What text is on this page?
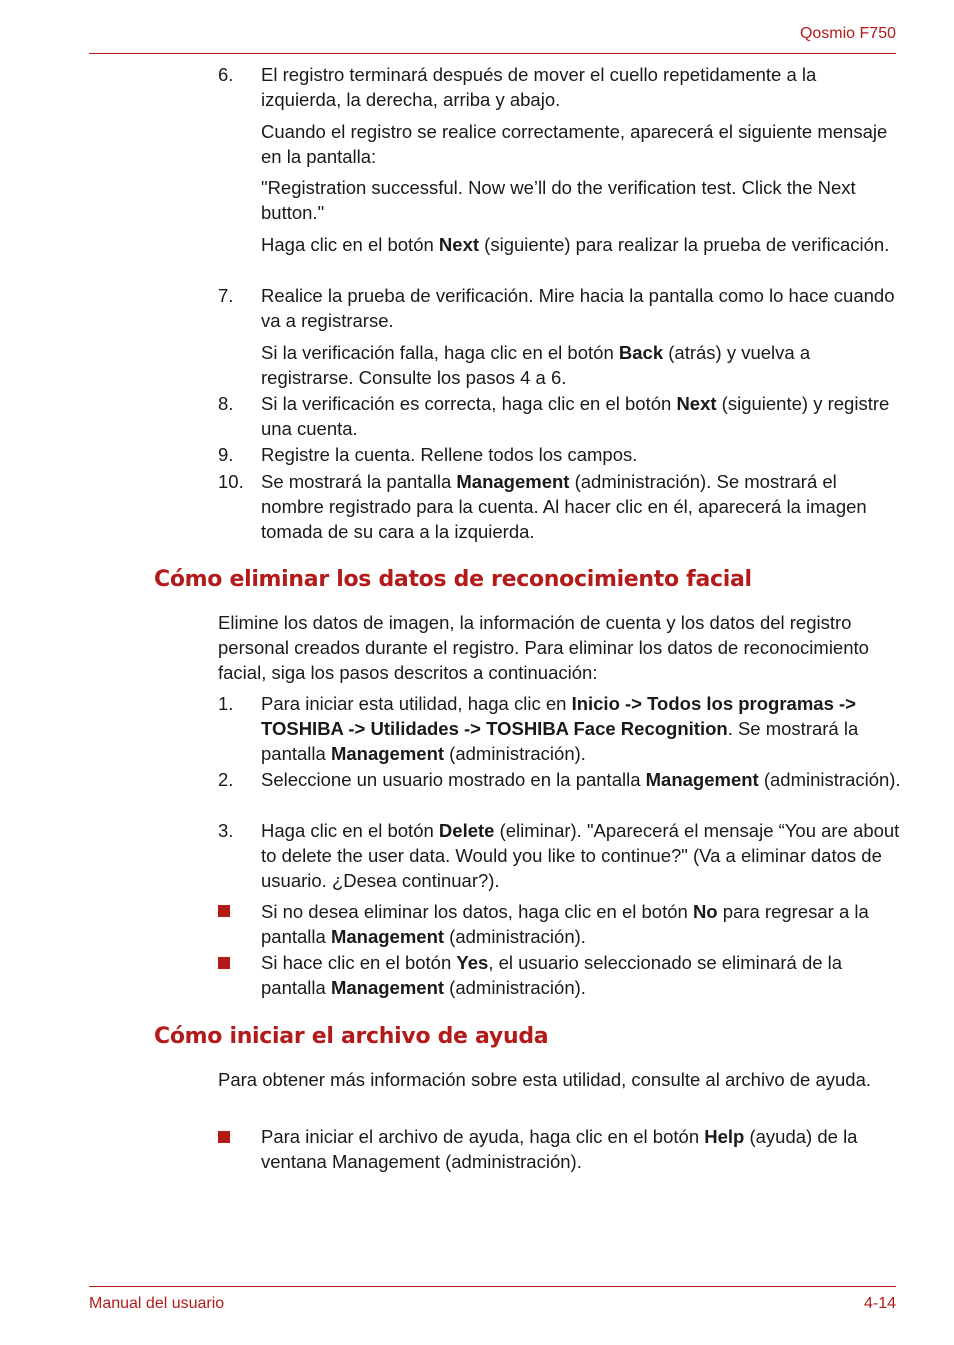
Qosmio F750
6. El registro terminará después de mover el cuello repetidamente a la izquierda, la derecha, arriba y abajo.
Cuando el registro se realice correctamente, aparecerá el siguiente mensaje en la pantalla:
"Registration successful. Now we’ll do the verification test. Click the Next button."
Haga clic en el botón Next (siguiente) para realizar la prueba de verificación.
7. Realice la prueba de verificación. Mire hacia la pantalla como lo hace cuando va a registrarse.
Si la verificación falla, haga clic en el botón Back (atrás) y vuelva a registrarse. Consulte los pasos 4 a 6.
8. Si la verificación es correcta, haga clic en el botón Next (siguiente) y registre una cuenta.
9. Registre la cuenta. Rellene todos los campos.
10. Se mostrará la pantalla Management (administración). Se mostrará el nombre registrado para la cuenta. Al hacer clic en él, aparecerá la imagen tomada de su cara a la izquierda.
Cómo eliminar los datos de reconocimiento facial
Elimine los datos de imagen, la información de cuenta y los datos del registro personal creados durante el registro. Para eliminar los datos de reconocimiento facial, siga los pasos descritos a continuación:
1. Para iniciar esta utilidad, haga clic en Inicio -> Todos los programas -> TOSHIBA -> Utilidades -> TOSHIBA Face Recognition. Se mostrará la pantalla Management (administración).
2. Seleccione un usuario mostrado en la pantalla Management (administración).
3. Haga clic en el botón Delete (eliminar). "Aparecerá el mensaje “You are about to delete the user data. Would you like to continue?" (Va a eliminar datos de usuario. ¿Desea continuar?).
Si no desea eliminar los datos, haga clic en el botón No para regresar a la pantalla Management (administración).
Si hace clic en el botón Yes, el usuario seleccionado se eliminará de la pantalla Management (administración).
Cómo iniciar el archivo de ayuda
Para obtener más información sobre esta utilidad, consulte al archivo de ayuda.
Para iniciar el archivo de ayuda, haga clic en el botón Help (ayuda) de la ventana Management (administración).
Manual del usuario	4-14
